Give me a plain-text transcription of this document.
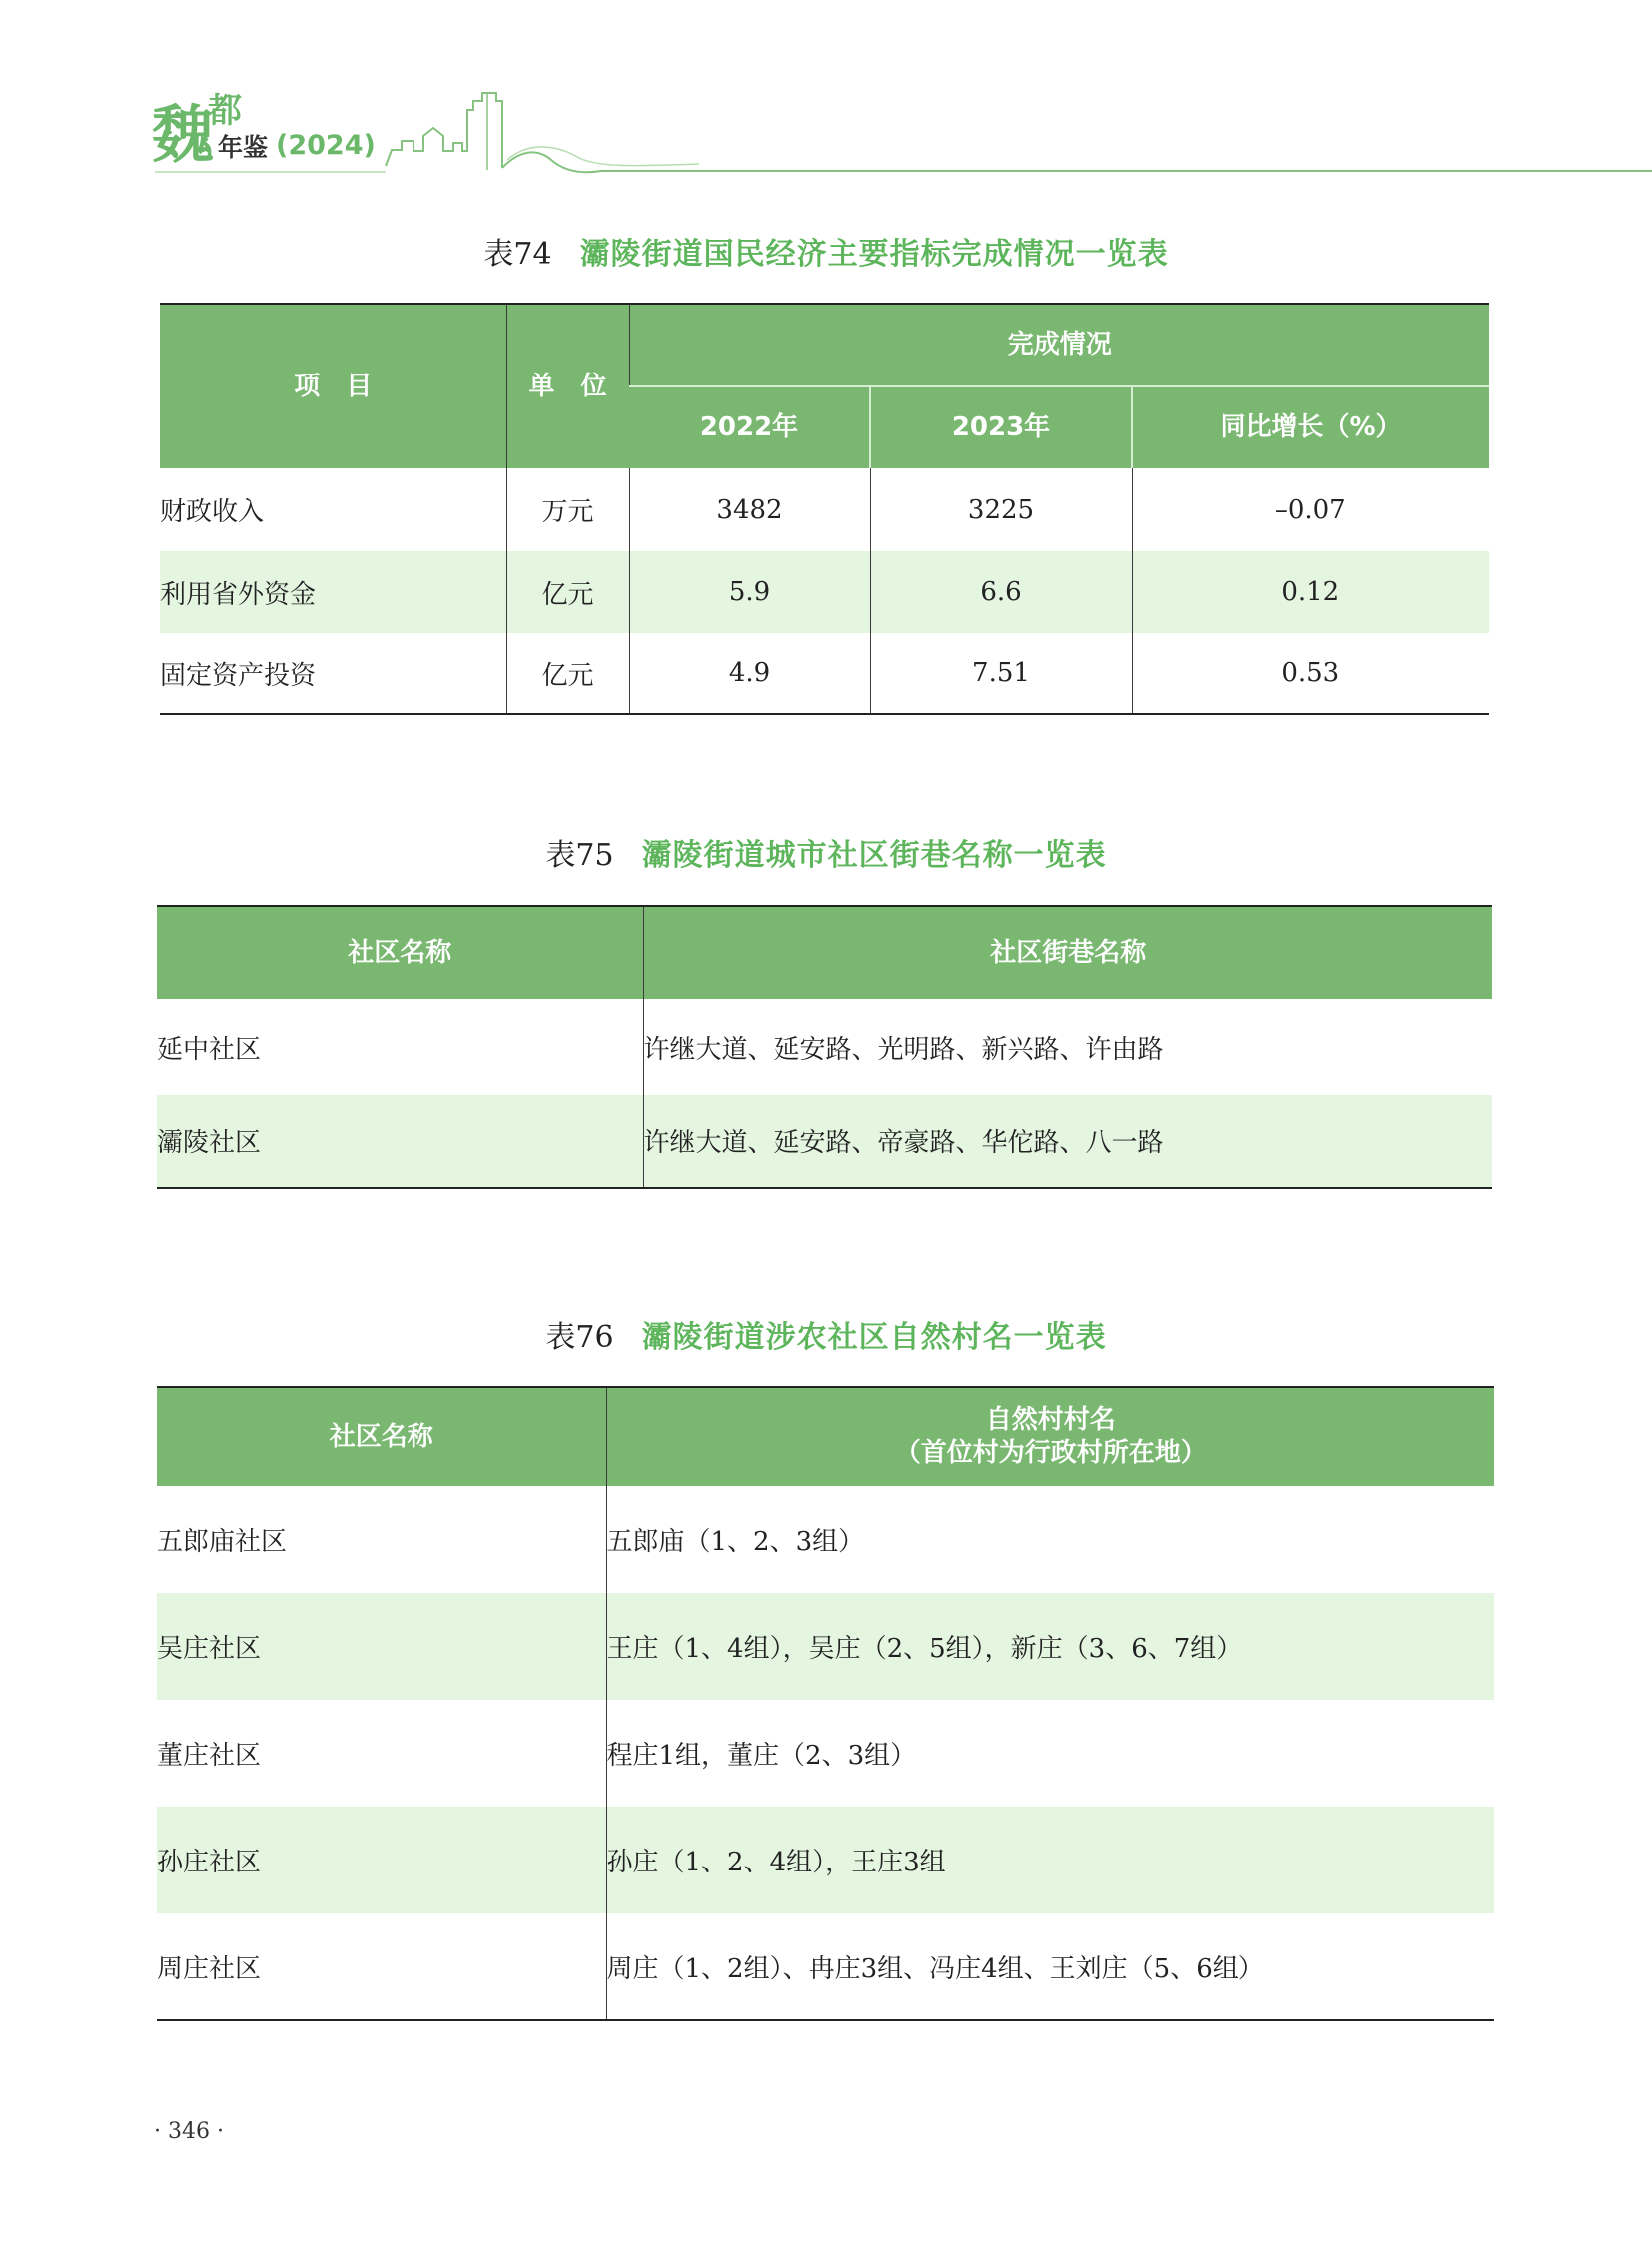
魏
都
年鉴 (2024)
表74 灞陵街道国民经济主要指标完成情况一览表
项　目	单　位	完成情况		
		2022年	2023年	同比增长（%）
财政收入	万元	3482	3225	–0.07
利用省外资金	亿元	5.9	6.6	0.12
固定资产投资	亿元	4.9	7.51	0.53
表75 灞陵街道城市社区街巷名称一览表
社区名称	社区街巷名称
延中社区	许继大道、延安路、光明路、新兴路、许由路
灞陵社区	许继大道、延安路、帝豪路、华佗路、八一路
表76 灞陵街道涉农社区自然村名一览表
社区名称	自然村村名
（首位村为行政村所在地）

五郎庙社区	五郎庙（1、2、3组）
吴庄社区	王庄（1、4组），吴庄（2、5组），新庄（3、6、7组）
董庄社区	程庄1组，董庄（2、3组）
孙庄社区	孙庄（1、2、4组），王庄3组
周庄社区	周庄（1、2组）、冉庄3组、冯庄4组、王刘庄（5、6组）
· 346 ·
